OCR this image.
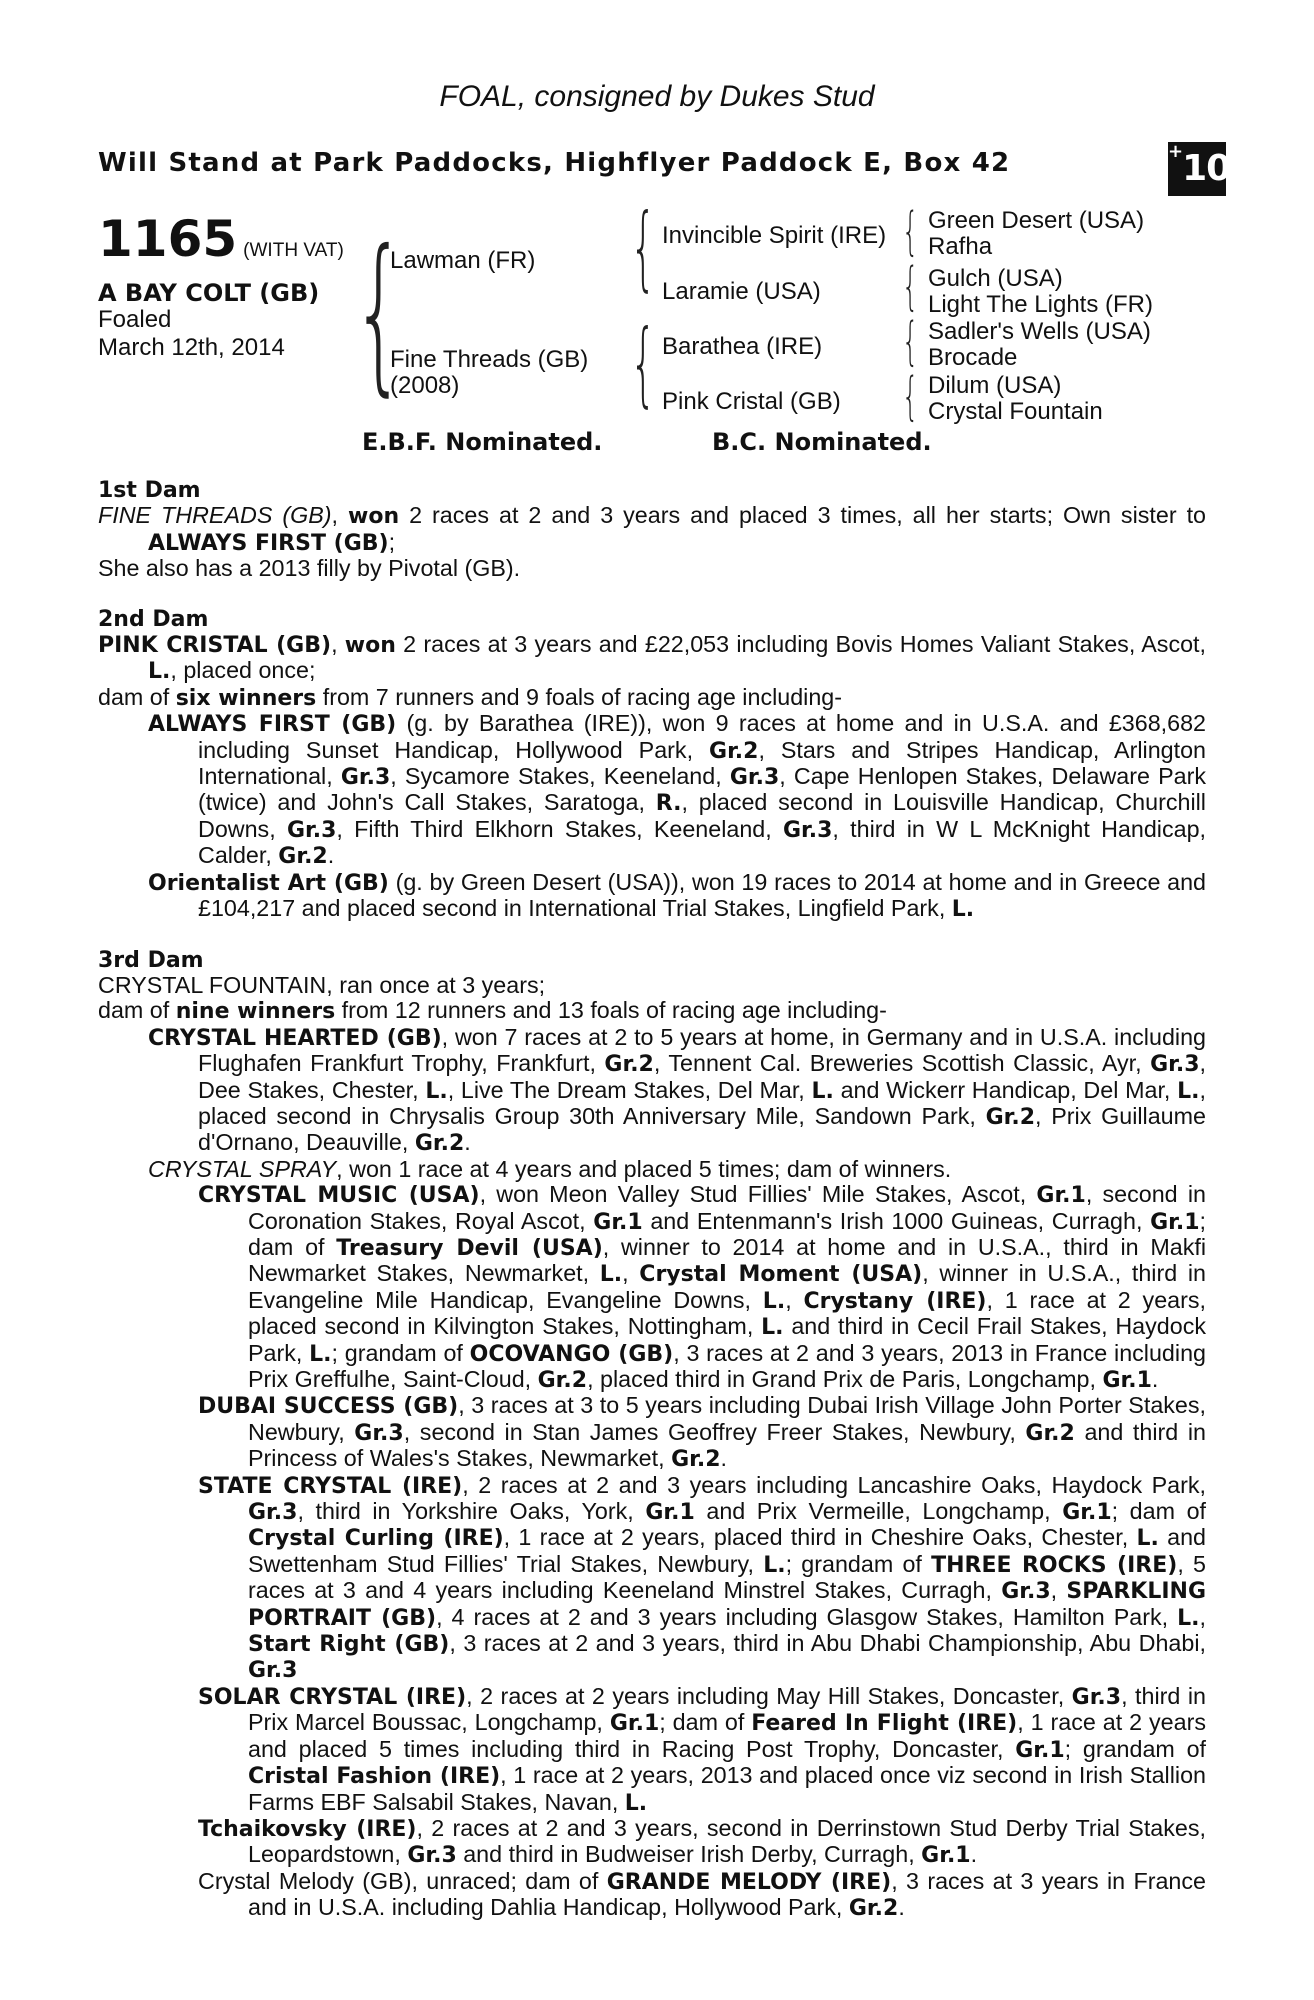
FOAL, consigned by Dukes Stud
Will Stand at Park Paddocks, Highflyer Paddock E, Box 42	+10
1165 (WITH VAT)
A BAY COLT (GB)
Foaled
March 12th, 2014 {
Lawman (FR)
Fine Threads (GB)
(2008)
{ Invincible Spirit (IRE)
Laramie (USA)
{ Barathea (IRE)
Pink Cristal (GB)
{
{
{
{
Green Desert (USA)
Rafha
Gulch (USA)
Light The Lights (FR)
Sadler's Wells (USA)
Brocade
Dilum (USA)
Crystal Fountain
E.B.F. Nominated.	B.C. Nominated.

1st Dam

FINE THREADS (GB), won 2 races at 2 and 3 years and placed 3 times, all her starts; Own sister to ALWAYS FIRST (GB);

She also has a 2013 filly by Pivotal (GB).

2nd Dam

PINK CRISTAL (GB), won 2 races at 3 years and £22,053 including Bovis Homes Valiant Stakes, Ascot, L., placed once;

dam of six winners from 7 runners and 9 foals of racing age including-

ALWAYS FIRST (GB) (g. by Barathea (IRE)), won 9 races at home and in U.S.A. and £368,682 including Sunset Handicap, Hollywood Park, Gr.2, Stars and Stripes Handicap, Arlington International, Gr.3, Sycamore Stakes, Keeneland, Gr.3, Cape Henlopen Stakes, Delaware Park (twice) and John's Call Stakes, Saratoga, R., placed second in Louisville Handicap, Churchill Downs, Gr.3, Fifth Third Elkhorn Stakes, Keeneland, Gr.3, third in W L McKnight Handicap, Calder, Gr.2.

Orientalist Art (GB) (g. by Green Desert (USA)), won 19 races to 2014 at home and in Greece and £104,217 and placed second in International Trial Stakes, Lingfield Park, L.

3rd Dam

CRYSTAL FOUNTAIN, ran once at 3 years;

dam of nine winners from 12 runners and 13 foals of racing age including-

CRYSTAL HEARTED (GB), won 7 races at 2 to 5 years at home, in Germany and in U.S.A. including Flughafen Frankfurt Trophy, Frankfurt, Gr.2, Tennent Cal. Breweries Scottish Classic, Ayr, Gr.3, Dee Stakes, Chester, L., Live The Dream Stakes, Del Mar, L. and Wickerr Handicap, Del Mar, L., placed second in Chrysalis Group 30th Anniversary Mile, Sandown Park, Gr.2, Prix Guillaume d'Ornano, Deauville, Gr.2.

CRYSTAL SPRAY, won 1 race at 4 years and placed 5 times; dam of winners.

CRYSTAL MUSIC (USA), won Meon Valley Stud Fillies' Mile Stakes, Ascot, Gr.1, second in Coronation Stakes, Royal Ascot, Gr.1 and Entenmann's Irish 1000 Guineas, Curragh, Gr.1; dam of Treasury Devil (USA), winner to 2014 at home and in U.S.A., third in Makfi Newmarket Stakes, Newmarket, L., Crystal Moment (USA), winner in U.S.A., third in Evangeline Mile Handicap, Evangeline Downs, L., Crystany (IRE), 1 race at 2 years, placed second in Kilvington Stakes, Nottingham, L. and third in Cecil Frail Stakes, Haydock Park, L.; grandam of OCOVANGO (GB), 3 races at 2 and 3 years, 2013 in France including Prix Greffulhe, Saint-Cloud, Gr.2, placed third in Grand Prix de Paris, Longchamp, Gr.1.

DUBAI SUCCESS (GB), 3 races at 3 to 5 years including Dubai Irish Village John Porter Stakes, Newbury, Gr.3, second in Stan James Geoffrey Freer Stakes, Newbury, Gr.2 and third in Princess of Wales's Stakes, Newmarket, Gr.2.

STATE CRYSTAL (IRE), 2 races at 2 and 3 years including Lancashire Oaks, Haydock Park, Gr.3, third in Yorkshire Oaks, York, Gr.1 and Prix Vermeille, Longchamp, Gr.1; dam of Crystal Curling (IRE), 1 race at 2 years, placed third in Cheshire Oaks, Chester, L. and Swettenham Stud Fillies' Trial Stakes, Newbury, L.; grandam of THREE ROCKS (IRE), 5 races at 3 and 4 years including Keeneland Minstrel Stakes, Curragh, Gr.3, SPARKLING PORTRAIT (GB), 4 races at 2 and 3 years including Glasgow Stakes, Hamilton Park, L., Start Right (GB), 3 races at 2 and 3 years, third in Abu Dhabi Championship, Abu Dhabi, Gr.3

SOLAR CRYSTAL (IRE), 2 races at 2 years including May Hill Stakes, Doncaster, Gr.3, third in Prix Marcel Boussac, Longchamp, Gr.1; dam of Feared In Flight (IRE), 1 race at 2 years and placed 5 times including third in Racing Post Trophy, Doncaster, Gr.1; grandam of Cristal Fashion (IRE), 1 race at 2 years, 2013 and placed once viz second in Irish Stallion Farms EBF Salsabil Stakes, Navan, L.

Tchaikovsky (IRE), 2 races at 2 and 3 years, second in Derrinstown Stud Derby Trial Stakes, Leopardstown, Gr.3 and third in Budweiser Irish Derby, Curragh, Gr.1.

Crystal Melody (GB), unraced; dam of GRANDE MELODY (IRE), 3 races at 3 years in France and in U.S.A. including Dahlia Handicap, Hollywood Park, Gr.2.
